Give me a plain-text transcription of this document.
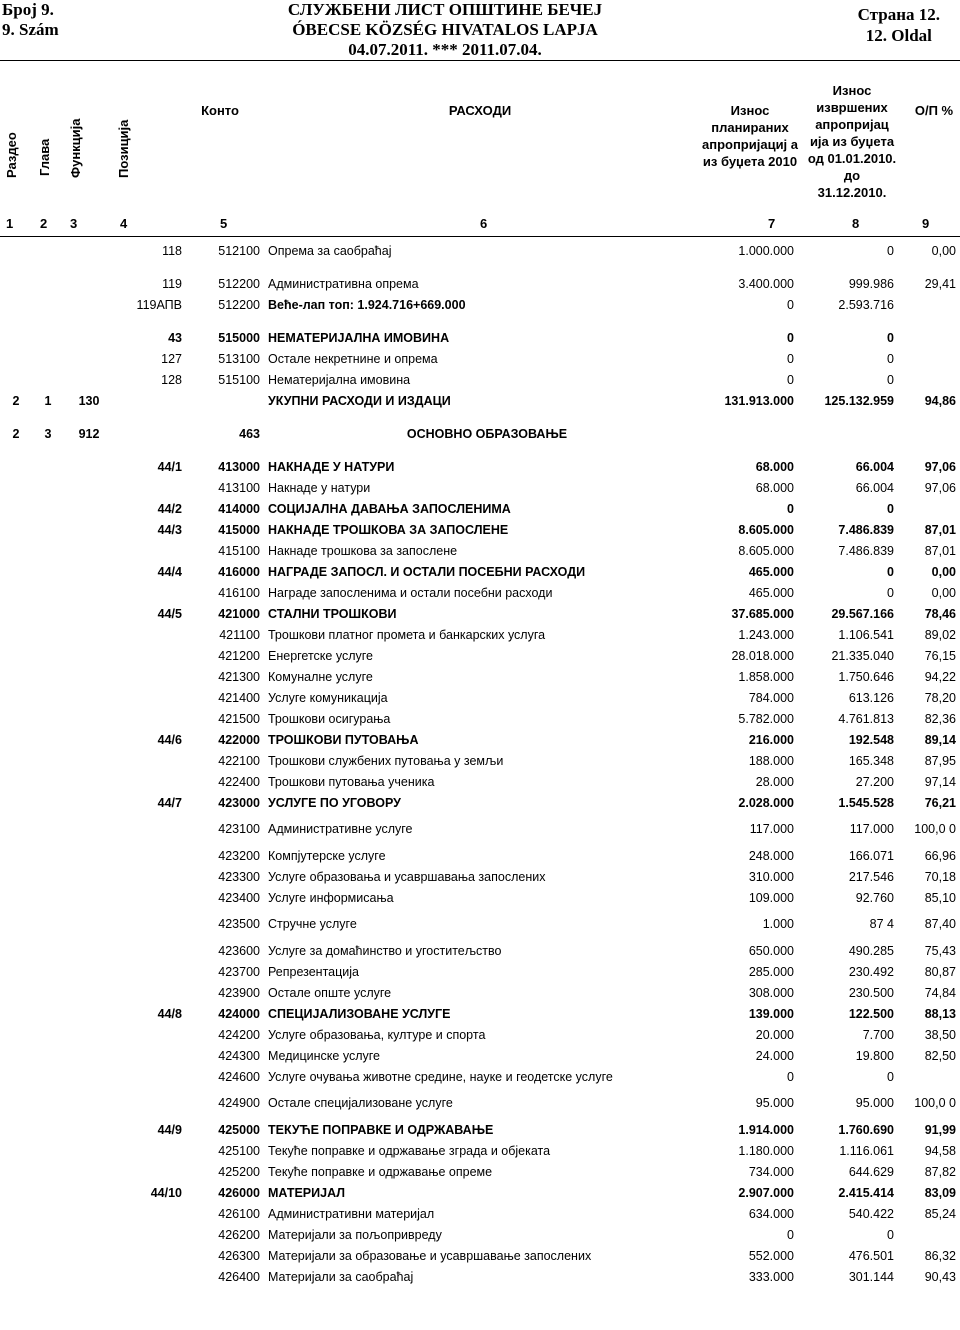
Број 9.
9. Szám
СЛУЖБЕНИ ЛИСТ ОПШТИНЕ БЕЧЕЈ
ÓBECSE KÖZSÉG HIVATALOS LAPJA
04.07.2011. *** 2011.07.04.
Страна 12.
12. Oldal
Раздео Глава Функција	Позиција
Конто	РАСХОДИ	Износ
планираних
апропријациј а
из буџета 2010
Износ
извршених
апропријац
ија из буџета
од 01.01.2010.
до
31.12.2010.
О/П %
1 2 3	4	5	6	7	8	9
			118	512100	Опрема за саобраћај	1.000.000	0	0,00

			119	512200	Административна опрема	3.400.000	999.986	29,41
			119АПВ	512200	Веће-лап топ: 1.924.716+669.000	0	2.593.716	

			43	515000	НЕМАТЕРИЈАЛНА ИМОВИНА	0	0	
			127	513100	Остале некретнине и опрема	0	0	
			128	515100	Нематеријална имовина	0	0	
2	1	130			УКУПНИ РАСХОДИ И ИЗДАЦИ	131.913.000	125.132.959	94,86

2	3	912		463	ОСНОВНО ОБРАЗОВАЊЕ			

			44/1	413000	НАКНАДЕ У НАТУРИ	68.000	66.004	97,06
				413100	Накнаде у натури	68.000	66.004	97,06
			44/2	414000	СОЦИЈАЛНА ДАВАЊА ЗАПОСЛЕНИМА	0	0	
			44/3	415000	НАКНАДЕ ТРОШКОВА ЗА ЗАПОСЛЕНЕ	8.605.000	7.486.839	87,01
				415100	Накнаде трошкова за запослене	8.605.000	7.486.839	87,01
			44/4	416000	НАГРАДЕ ЗАПОСЛ. И ОСТАЛИ ПОСЕБНИ РАСХОДИ	465.000	0	0,00
				416100	Награде запосленима и остали посебни расходи	465.000	0	0,00
			44/5	421000	СТАЛНИ ТРОШКОВИ	37.685.000	29.567.166	78,46
				421100	Трошкови платног промета и банкарских услуга	1.243.000	1.106.541	89,02
				421200	Енергетске услуге	28.018.000	21.335.040	76,15
				421300	Комуналне услуге	1.858.000	1.750.646	94,22
				421400	Услуге комуникација	784.000	613.126	78,20
				421500	Трошкови осигурања	5.782.000	4.761.813	82,36
			44/6	422000	ТРОШКОВИ ПУТОВАЊА	216.000	192.548	89,14
				422100	Трошкови службених путовања у земљи	188.000	165.348	87,95
				422400	Трошкови путовања ученика	28.000	27.200	97,14
			44/7	423000	УСЛУГЕ ПО УГОВОРУ	2.028.000	1.545.528	76,21
				423100	Административне услуге	117.000	117.000	100,0 0
				423200	Компјутерске услуге	248.000	166.071	66,96
				423300	Услуге образовања и усавршавања запослених	310.000	217.546	70,18
				423400	Услуге информисања	109.000	92.760	85,10
				423500	Стручне услуге	1.000	87 4	87,40
				423600	Услуге за домаћинство и угоститељство	650.000	490.285	75,43
				423700	Репрезентација	285.000	230.492	80,87
				423900	Остале опште услуге	308.000	230.500	74,84
			44/8	424000	СПЕЦИЈАЛИЗОВАНЕ УСЛУГЕ	139.000	122.500	88,13
				424200	Услуге образовања, културе и спорта	20.000	7.700	38,50
				424300	Медицинске услуге	24.000	19.800	82,50
				424600	Услуге очувања животне средине, науке и геодетске услуге	0	0	
				424900	Остале специјализоване услуге	95.000	95.000	100,0 0
			44/9	425000	ТЕКУЋЕ ПОПРАВКЕ И ОДРЖАВАЊЕ	1.914.000	1.760.690	91,99
				425100	Текуће поправке и одржавање зграда и објеката	1.180.000	1.116.061	94,58
				425200	Текуће поправке и одржавање опреме	734.000	644.629	87,82
			44/10	426000	МАТЕРИЈАЛ	2.907.000	2.415.414	83,09
				426100	Административни материјал	634.000	540.422	85,24
				426200	Материјали за пољопривреду	0	0	
				426300	Материјали за образовање и усавршавање запослених	552.000	476.501	86,32
				426400	Материјали за саобраћај	333.000	301.144	90,43
